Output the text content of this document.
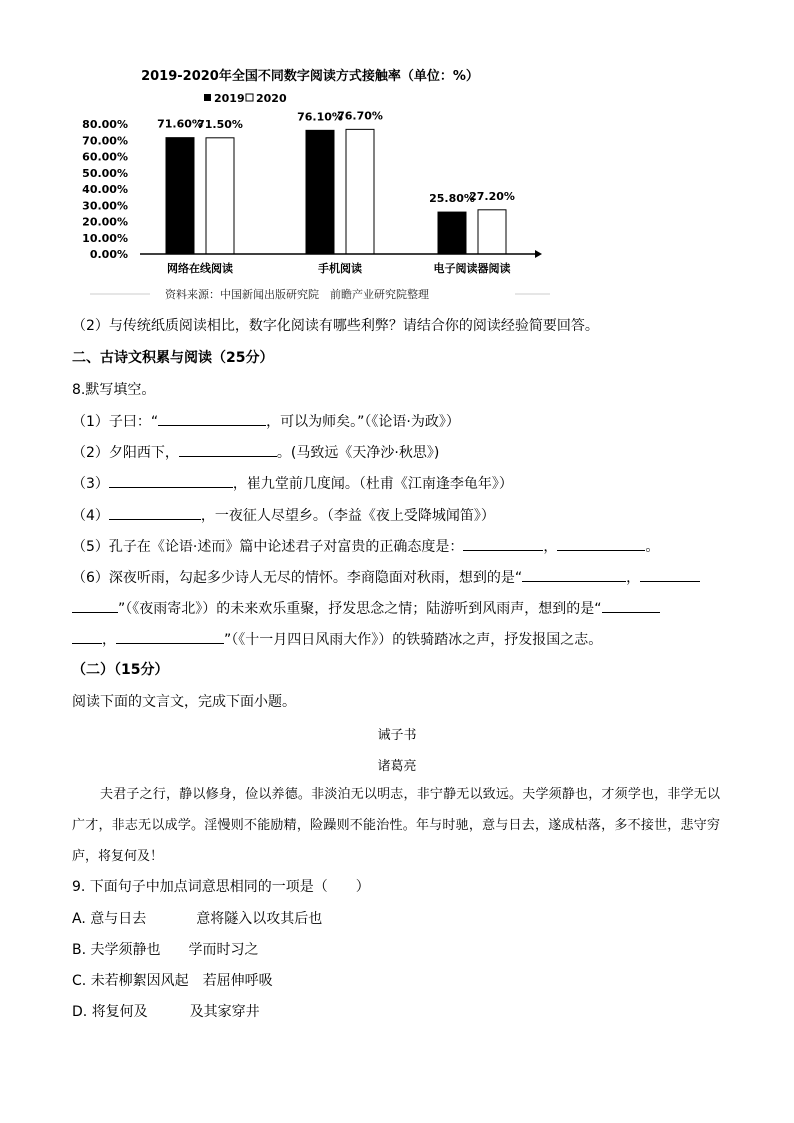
2019-2020年全国不同数字阅读方式接触率（单位：%）
2019 2020
0.00%
10.00%
20.00%
30.00%
40.00%
50.00%
60.00%
70.00%
80.00%	71.60%
71.50%
76.10%
76.70%
25.80%
27.20%
网络在线阅读	手机阅读	电子阅读器阅读
资料来源：中国新闻出版研究院　前瞻产业研究院整理
（2）与传统纸质阅读相比，数字化阅读有哪些利弊？请结合你的阅读经验简要回答。
二、古诗文积累与阅读（25分）
8.默写填空。
（1）子曰：“	，可以为师矣。”（《论语·为政》）
（2）夕阳西下，	。(马致远《天净沙·秋思》)
（3）	，崔九堂前几度闻。（杜甫《江南逢李龟年》）
（4）	，一夜征人尽望乡。（李益《夜上受降城闻笛》）
（5）孔子在《论语·述而》篇中论述君子对富贵的正确态度是：	，	。
（6）深夜听雨，勾起多少诗人无尽的情怀。李商隐面对秋雨，想到的是“	，
”（《夜雨寄北》）的未来欢乐重聚，抒发思念之情；陆游听到风雨声，想到的是“
，	”（《十一月四日风雨大作》）的铁骑踏冰之声，抒发报国之志。
（二）（15分）
阅读下面的文言文，完成下面小题。
诫子书
诸葛亮
夫君子之行，静以修身，俭以养德。非淡泊无以明志，非宁静无以致远。夫学须静也，才须学也，非学无以广才，非志无以成学。淫慢则不能励精，险躁则不能治性。年与时驰，意与日去，遂成枯落，多不接世，悲守穷庐，将复何及！
9. 下面句子中加点词意思相同的一项是（　　）
A. 意与日去	意将隧入以攻其后也
B. 夫学须静也 学而时习之
C. 未若柳絮因风起 若屈伸呼吸
D. 将复何及	及其家穿井
